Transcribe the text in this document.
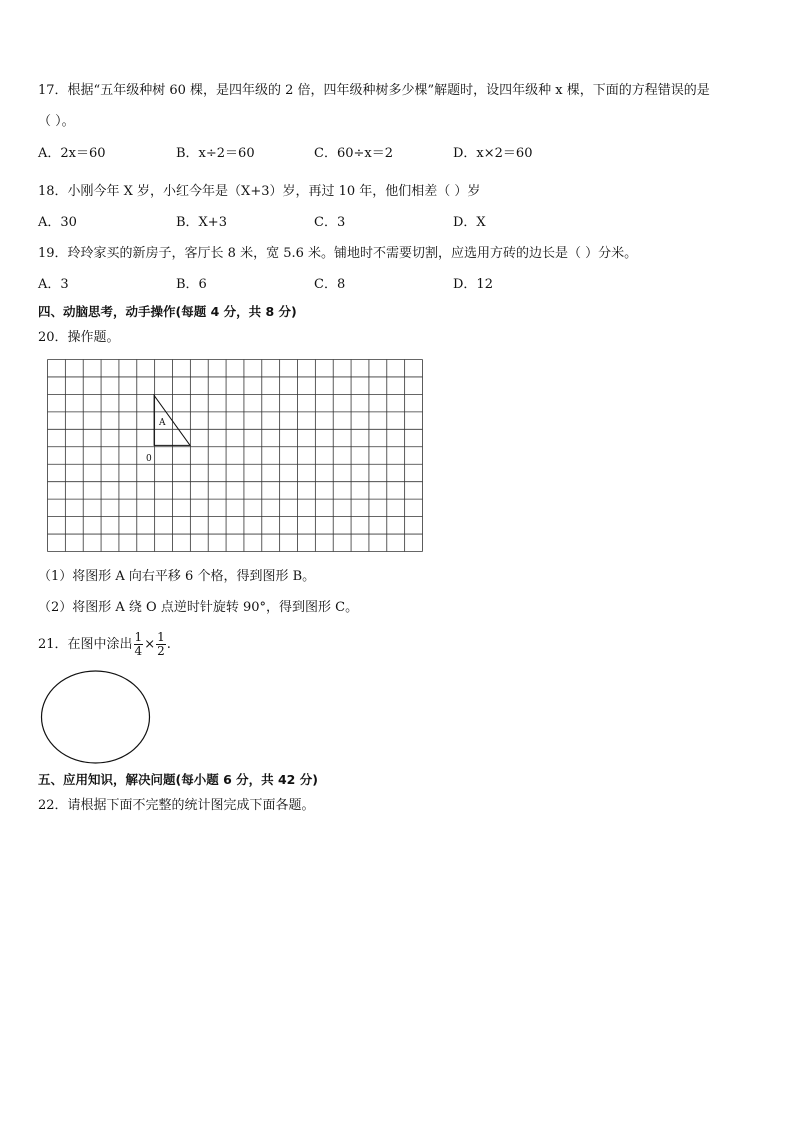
17．根据“五年级种树 60 棵，是四年级的 2 倍，四年级种树多少棵”解题时，设四年级种 x 棵，下面的方程错误的是
（ ）。
A．2x＝60	B．x÷2＝60	C．60÷x＝2	D．x×2＝60
18．小刚今年 X 岁，小红今年是（X+3）岁，再过 10 年，他们相差（ ）岁
A．30	B．X+3	C．3	D．X
19．玲玲家买的新房子，客厅长 8 米，宽 5.6 米。铺地时不需要切割，应选用方砖的边长是（ ）分米。
A．3	B．6	C．8	D．12
四、动脑思考，动手操作(每题 4 分，共 8 分)
20．操作题。
A
0
（1）将图形 A 向右平移 6 个格，得到图形 B。
（2）将图形 A 绕 O 点逆时针旋转 90°，得到图形 C。
21．在图中涂出 $\frac{1}{4} \times \frac{1}{2}$ .
五、应用知识，解决问题(每小题 6 分，共 42 分)
22．请根据下面不完整的统计图完成下面各题。
